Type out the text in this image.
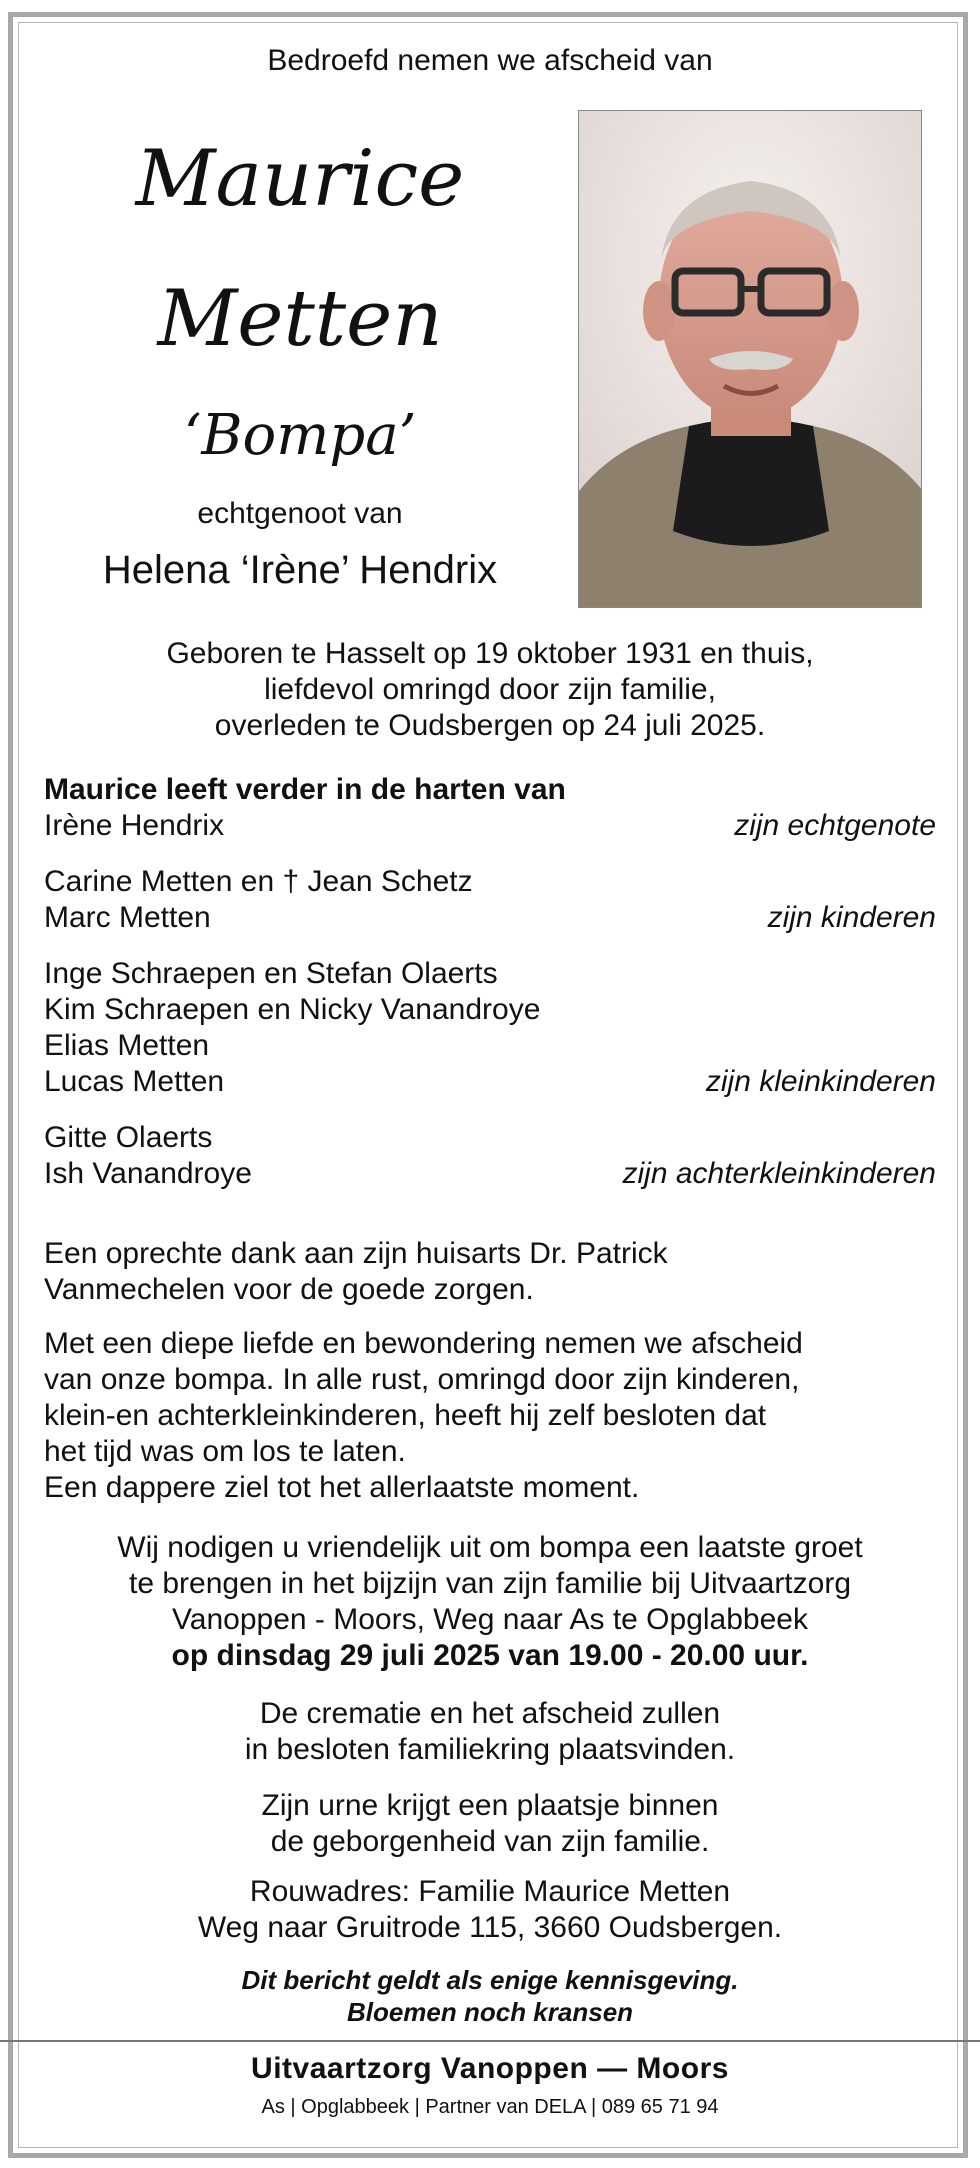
Bedroefd nemen we afscheid van
Maurice
Metten
‘Bompa’
echtgenoot van
Helena ‘Irène’ Hendrix
Geboren te Hasselt op 19 oktober 1931 en thuis,
liefdevol omringd door zijn familie,
overleden te Oudsbergen op 24 juli 2025.
Maurice leeft verder in de harten van
Irène Hendrix	zijn echtgenote
Carine Metten en † Jean Schetz
Marc Metten	zijn kinderen
Inge Schraepen en Stefan Olaerts
Kim Schraepen en Nicky Vanandroye
Elias Metten
Lucas Metten	zijn kleinkinderen
Gitte Olaerts
Ish Vanandroye	zijn achterkleinkinderen
Een oprechte dank aan zijn huisarts Dr. Patrick
Vanmechelen voor de goede zorgen.
Met een diepe liefde en bewondering nemen we afscheid
van onze bompa. In alle rust, omringd door zijn kinderen,
klein-en achterkleinkinderen, heeft hij zelf besloten dat
het tijd was om los te laten.
Een dappere ziel tot het allerlaatste moment.
Wij nodigen u vriendelijk uit om bompa een laatste groet
te brengen in het bijzijn van zijn familie bij Uitvaartzorg
Vanoppen - Moors, Weg naar As te Opglabbeek
op dinsdag 29 juli 2025 van 19.00 - 20.00 uur.
De crematie en het afscheid zullen
in besloten familiekring plaatsvinden.
Zijn urne krijgt een plaatsje binnen
de geborgenheid van zijn familie.
Rouwadres: Familie Maurice Metten
Weg naar Gruitrode 115, 3660 Oudsbergen.
Dit bericht geldt als enige kennisgeving.
Bloemen noch kransen
Uitvaartzorg Vanoppen — Moors
As | Opglabbeek | Partner van DELA | 089 65 71 94
